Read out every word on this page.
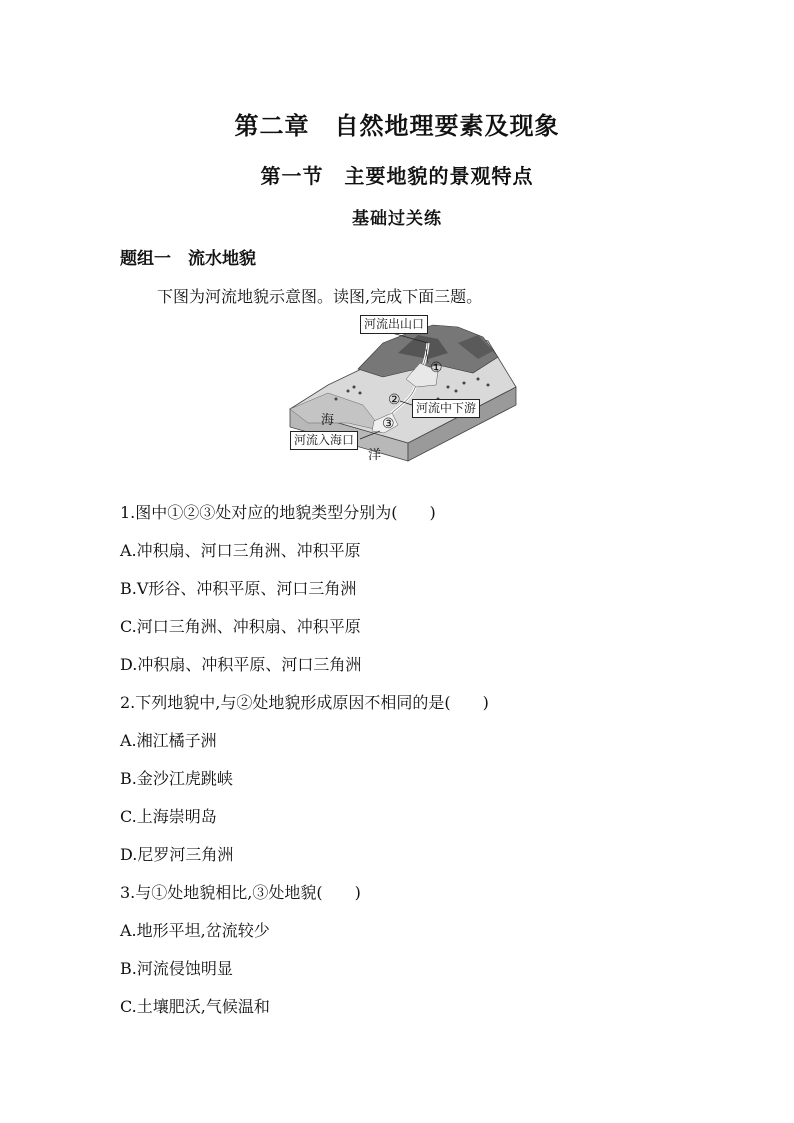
第二章　自然地理要素及现象
第一节　主要地貌的景观特点
基础过关练
题组一　流水地貌
下图为河流地貌示意图。读图,完成下面三题。
河流出山口
①
②	河流中下游
海	③
河流入海口
洋
1.图中①②③处对应的地貌类型分别为(　　)
A.冲积扇、河口三角洲、冲积平原
B.V形谷、冲积平原、河口三角洲
C.河口三角洲、冲积扇、冲积平原
D.冲积扇、冲积平原、河口三角洲
2.下列地貌中,与②处地貌形成原因不相同的是(　　)
A.湘江橘子洲
B.金沙江虎跳峡
C.上海崇明岛
D.尼罗河三角洲
3.与①处地貌相比,③处地貌(　　)
A.地形平坦,岔流较少
B.河流侵蚀明显
C.土壤肥沃,气候温和
